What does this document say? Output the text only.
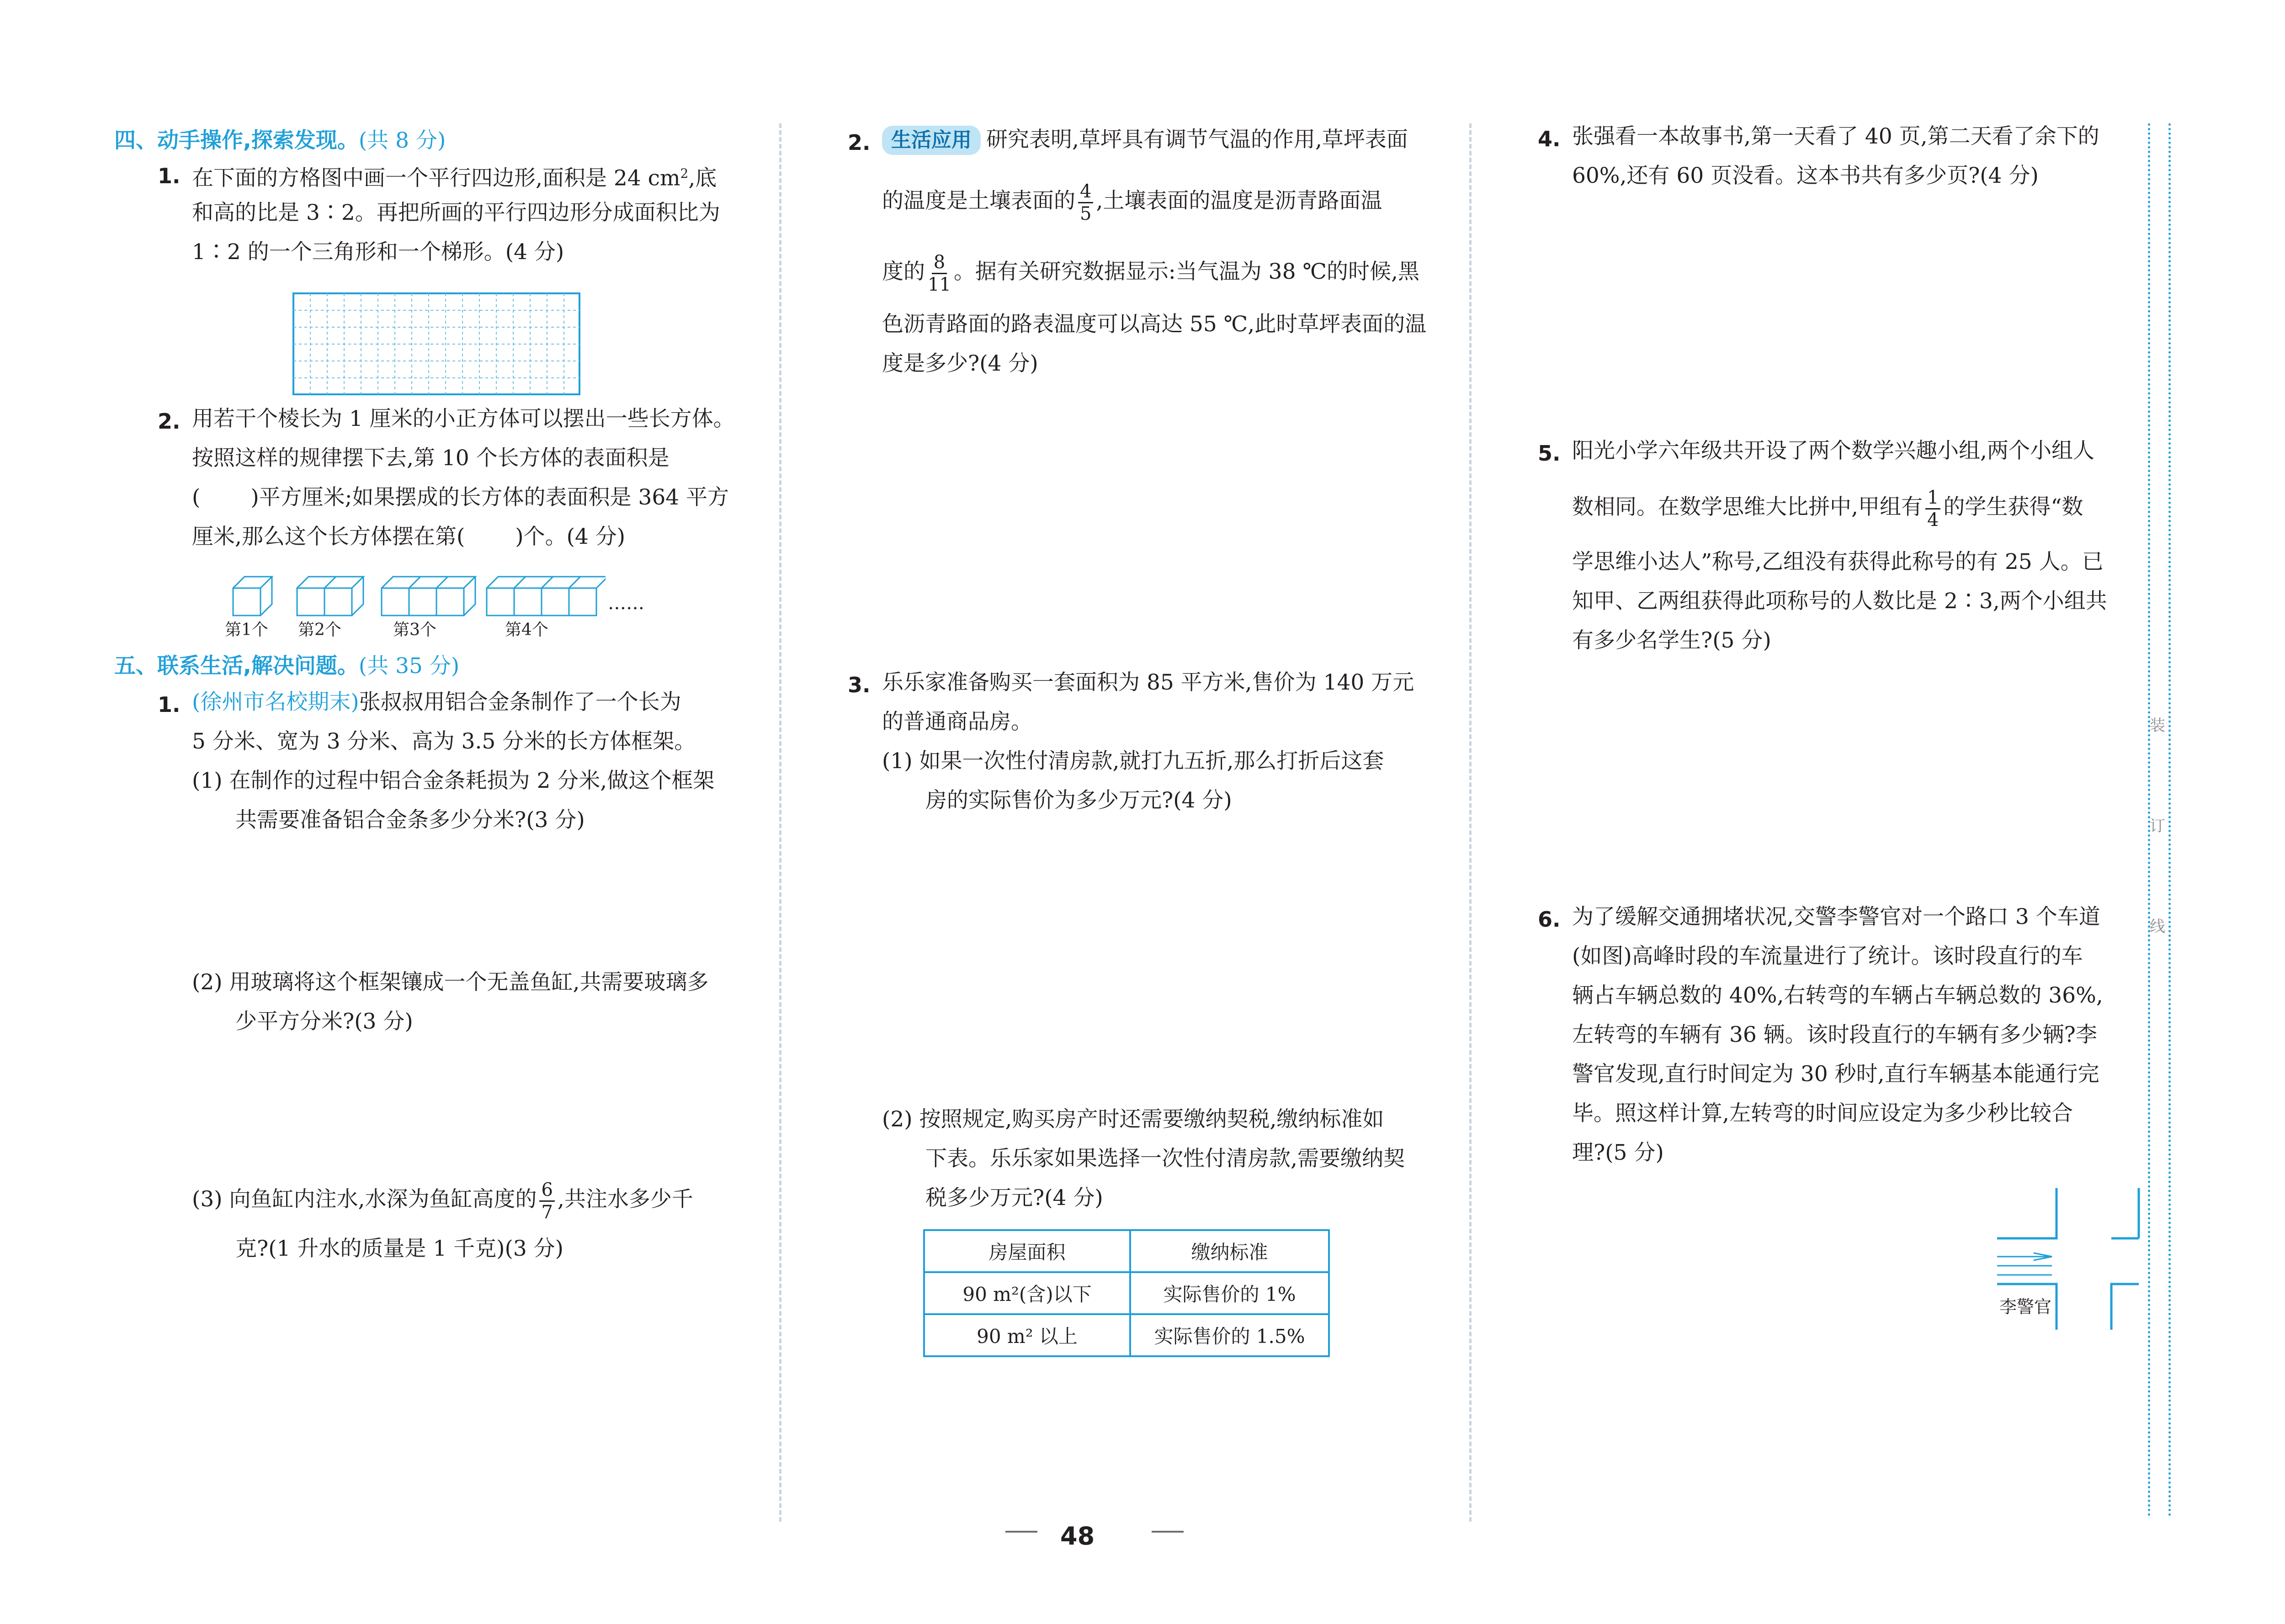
四、动手操作,探索发现。(共 8 分)
1. 在下面的方格图中画一个平行四边形,面积是 24 $cm^2$,底
和高的比是 3∶2。再把所画的平行四边形分成面积比为
1∶2 的一个三角形和一个梯形。(4 分)
2. 用若干个棱长为 1 厘米的小正方体可以摆出一些长方体。
按照这样的规律摆下去,第 10 个长方体的表面积是
( )平方厘米;如果摆成的长方体的表面积是 364 平方
厘米,那么这个长方体摆在第( )个。(4 分)
……
第1个 第2个	第3个	第4个
五、联系生活,解决问题。(共 35 分)
1. (徐州市名校期末)张叔叔用铝合金条制作了一个长为
5 分米、宽为 3 分米、高为 3.5 分米的长方体框架。
(1) 在制作的过程中铝合金条耗损为 2 分米,做这个框架
共需要准备铝合金条多少分米?(3 分)
(2) 用玻璃将这个框架镶成一个无盖鱼缸,共需要玻璃多
少平方分米?(3 分)
(3) 向鱼缸内注水,水深为鱼缸高度的 $\frac{6}{7}$ ,共注水多少千
克?(1 升水的质量是 1 千克)(3 分)
2.	生活应用 研究表明,草坪具有调节气温的作用,草坪表面
的温度是土壤表面的 $\frac{4}{5}$ ,土壤表面的温度是沥青路面温
度的 $\frac{8}{11}$ 。据有关研究数据显示:当气温为 38 ℃的时候,黑
色沥青路面的路表温度可以高达 55 ℃,此时草坪表面的温
度是多少?(4 分)
3. 乐乐家准备购买一套面积为 85 平方米,售价为 140 万元
的普通商品房。
(1) 如果一次性付清房款,就打九五折,那么打折后这套
房的实际售价为多少万元?(4 分)
(2) 按照规定,购买房产时还需要缴纳契税,缴纳标准如
下表。乐乐家如果选择一次性付清房款,需要缴纳契
税多少万元?(4 分)
房屋面积	缴纳标准
90 m²(含)以下	实际售价的 1%
90 m² 以上	实际售价的 1.5%
4. 张强看一本故事书,第一天看了 40 页,第二天看了余下的
60%,还有 60 页没看。这本书共有多少页?(4 分)
5. 阳光小学六年级共开设了两个数学兴趣小组,两个小组人
数相同。在数学思维大比拼中,甲组有 $\frac{1}{4}$ 的学生获得“数
学思维小达人”称号,乙组没有获得此称号的有 25 人。已
知甲、乙两组获得此项称号的人数比是 2∶3,两个小组共
有多少名学生?(5 分)
6. 为了缓解交通拥堵状况,交警李警官对一个路口 3 个车道
(如图)高峰时段的车流量进行了统计。该时段直行的车
辆占车辆总数的 40%,右转弯的车辆占车辆总数的 36%,
左转弯的车辆有 36 辆。该时段直行的车辆有多少辆?李
警官发现,直行时间定为 30 秒时,直行车辆基本能通行完
毕。照这样计算,左转弯的时间应设定为多少秒比较合
理?(5 分)
李警官
装
订
线
48
